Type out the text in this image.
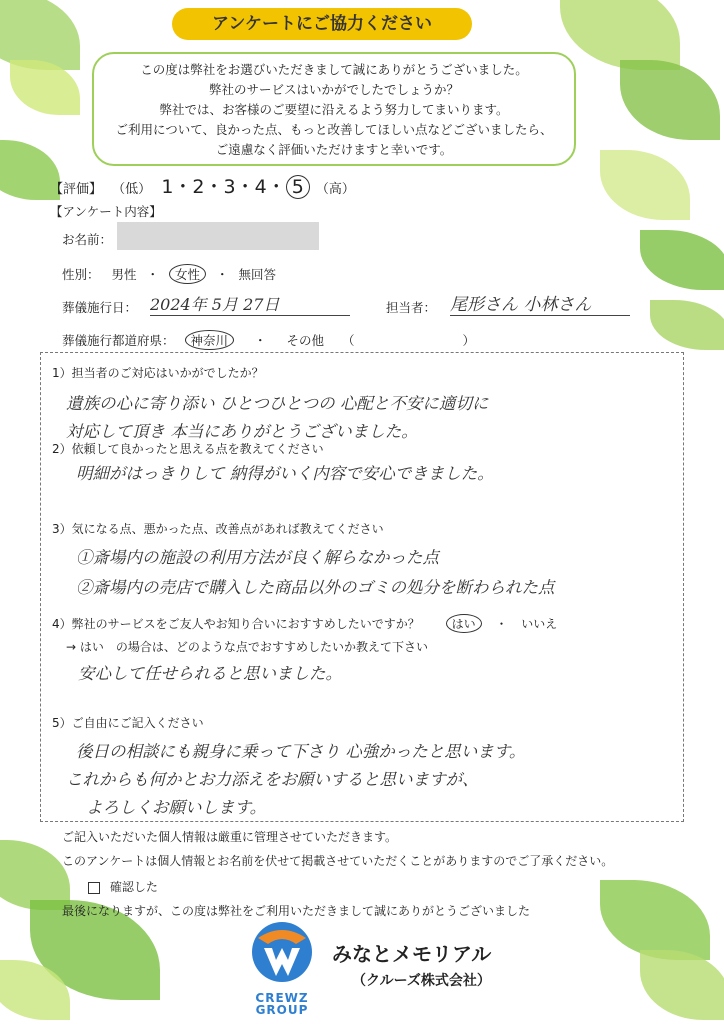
アンケートにご協力ください
この度は弊社をお選びいただきまして誠にありがとうございました。
弊社のサービスはいかがでしたでしょうか？
弊社では、お客様のご要望に沿えるよう努力してまいります。
ご利用について、良かった点、もっと改善してほしい点などございましたら、
ご遠慮なく評価いただけますと幸いです。
【評価】 （低） 1・2・3・4・ 5 （高）
【アンケート内容】
お名前：
性別： 男性 ・ 女性 ・ 無回答
葬儀施行日： 2024年 5月 27日	担当者： 尾形さん 小林さん
葬儀施行都道府県： 神奈川 ・ その他 （	）
1）担当者のご対応はいかがでしたか？
遺族の心に寄り添い ひとつひとつの 心配と不安に適切に
対応して頂き 本当にありがとうございました。
2）依頼して良かったと思える点を教えてください
明細がはっきりして 納得がいく内容で安心できました。
3）気になる点、悪かった点、改善点があれば教えてください
①斎場内の施設の利用方法が良く解らなかった点
②斎場内の売店で購入した商品以外のゴミの処分を断わられた点
4）弊社のサービスをご友人やお知り合いにおすすめしたいですか？	はい ・ いいえ
→ はい　の場合は、どのような点でおすすめしたいか教えて下さい
安心して任せられると思いました。
5）ご自由にご記入ください
後日の相談にも親身に乗って下さり 心強かったと思います。
これからも何かとお力添えをお願いすると思いますが、
よろしくお願いします。
ご記入いただいた個人情報は厳重に管理させていただきます。
このアンケートは個人情報とお名前を伏せて掲載させていただくことがありますのでご了承ください。
確認した
最後になりますが、この度は弊社をご利用いただきまして誠にありがとうございました
CREWZ
GROUP
みなとメモリアル
（クルーズ株式会社）
